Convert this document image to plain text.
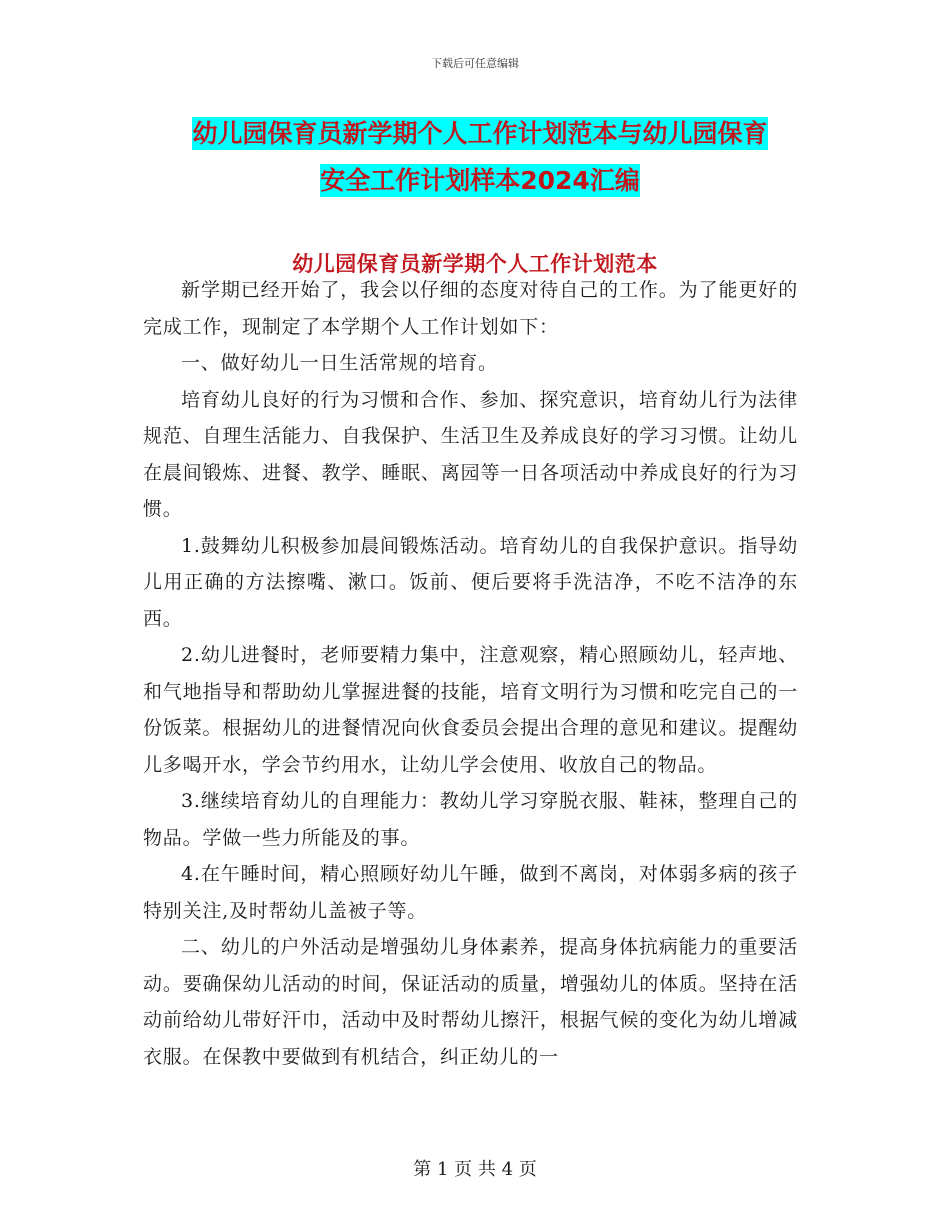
下载后可任意编辑
幼儿园保育员新学期个人工作计划范本与幼儿园保育
安全工作计划样本2024汇编
幼儿园保育员新学期个人工作计划范本

新学期已经开始了，我会以仔细的态度对待自己的工作。为了能更好的完成工作，现制定了本学期个人工作计划如下：

一、做好幼儿一日生活常规的培育。

培育幼儿良好的行为习惯和合作、参加、探究意识，培育幼儿行为法律规范、自理生活能力、自我保护、生活卫生及养成良好的学习习惯。让幼儿在晨间锻炼、进餐、教学、睡眠、离园等一日各项活动中养成良好的行为习惯。

1.鼓舞幼儿积极参加晨间锻炼活动。培育幼儿的自我保护意识。指导幼儿用正确的方法擦嘴、漱口。饭前、便后要将手洗洁净，不吃不洁净的东西。

2.幼儿进餐时，老师要精力集中，注意观察，精心照顾幼儿，轻声地、和气地指导和帮助幼儿掌握进餐的技能，培育文明行为习惯和吃完自己的一份饭菜。根据幼儿的进餐情况向伙食委员会提出合理的意见和建议。提醒幼儿多喝开水，学会节约用水，让幼儿学会使用、收放自己的物品。

3.继续培育幼儿的自理能力：教幼儿学习穿脱衣服、鞋袜，整理自己的物品。学做一些力所能及的事。

4.在午睡时间，精心照顾好幼儿午睡，做到不离岗，对体弱多病的孩子特别关注,及时帮幼儿盖被子等。

二、幼儿的户外活动是增强幼儿身体素养，提高身体抗病能力的重要活动。要确保幼儿活动的时间，保证活动的质量，增强幼儿的体质。坚持在活动前给幼儿带好汗巾，活动中及时帮幼儿擦汗，根据气候的变化为幼儿增减衣服。在保教中要做到有机结合，纠正幼儿的一

第 1 页 共 4 页
